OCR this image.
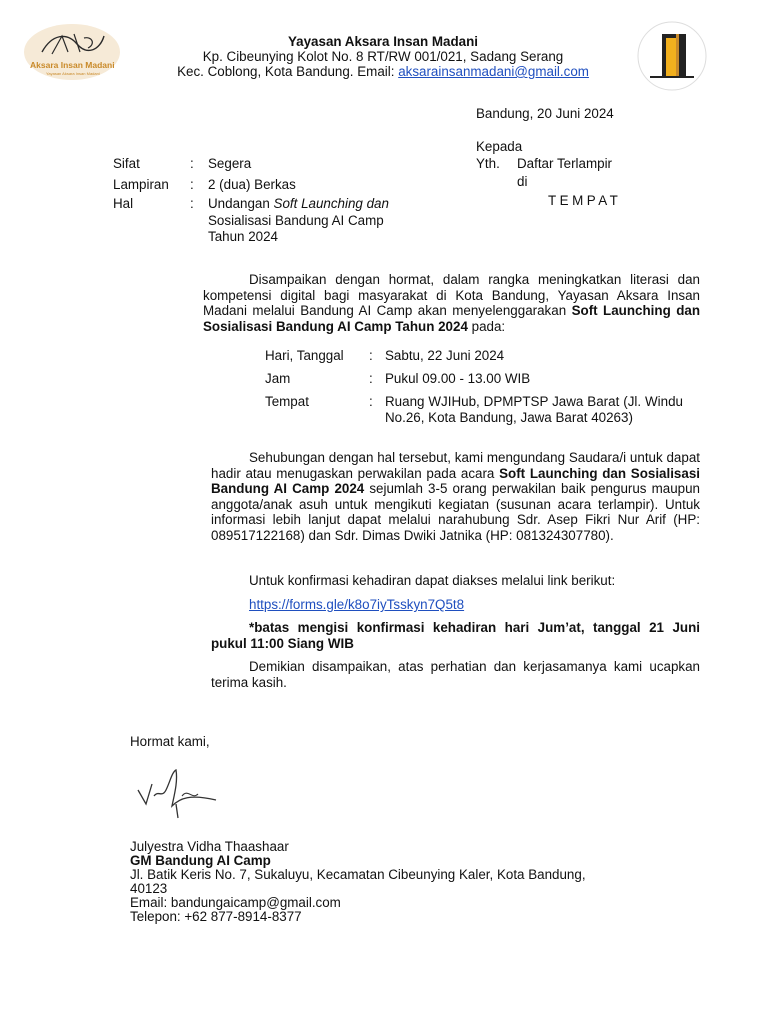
Aksara Insan Madani
Yayasan Aksara Insan Madani
Yayasan Aksara Insan Madani
Kp. Cibeunying Kolot No. 8 RT/RW 001/021, Sadang Serang
Kec. Coblong, Kota Bandung. Email: aksarainsanmadani@gmail.com
Bandung, 20 Juni 2024
Kepada
Yth. Daftar Terlampir
di
TEMPAT
Sifat	: Segera
Lampiran : 2 (dua) Berkas
Hal	: Undangan Soft Launching dan
Sosialisasi Bandung AI Camp
Tahun 2024
Disampaikan dengan hormat, dalam rangka meningkatkan literasi dan kompetensi digital bagi masyarakat di Kota Bandung, Yayasan Aksara Insan Madani melalui Bandung AI Camp akan menyelenggarakan Soft Launching dan Sosialisasi Bandung AI Camp Tahun 2024 pada:
Hari, Tanggal : Sabtu, 22 Juni 2024
Jam	: Pukul 09.00 - 13.00 WIB
Tempat	: Ruang WJIHub, DPMPTSP Jawa Barat (Jl. Windu No.26, Kota Bandung, Jawa Barat 40263)
Sehubungan dengan hal tersebut, kami mengundang Saudara/i untuk dapat hadir atau menugaskan perwakilan pada acara Soft Launching dan Sosialisasi Bandung AI Camp 2024 sejumlah 3-5 orang perwakilan baik pengurus maupun anggota/anak asuh untuk mengikuti kegiatan (susunan acara terlampir). Untuk informasi lebih lanjut dapat melalui narahubung Sdr. Asep Fikri Nur Arif (HP: 089517122168) dan Sdr. Dimas Dwiki Jatnika (HP: 081324307780).
Untuk konfirmasi kehadiran dapat diakses melalui link berikut:
https://forms.gle/k8o7iyTsskyn7Q5t8
*batas mengisi konfirmasi kehadiran hari Jum’at, tanggal 21 Juni pukul 11:00 Siang WIB
Demikian disampaikan, atas perhatian dan kerjasamanya kami ucapkan terima kasih.
Hormat kami,
Julyestra Vidha Thaashaar
GM Bandung AI Camp
Jl. Batik Keris No. 7, Sukaluyu, Kecamatan Cibeunying Kaler, Kota Bandung,
40123
Email: bandungaicamp@gmail.com
Telepon: +62 877-8914-8377
